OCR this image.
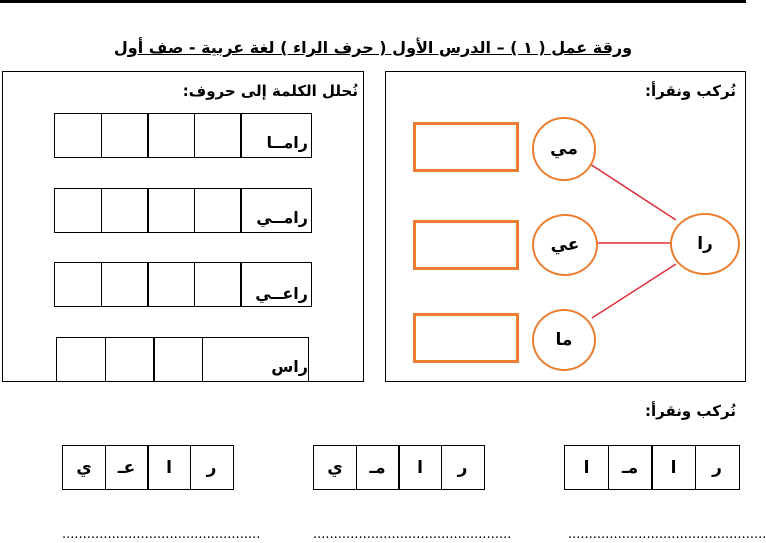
ورقة عمل ( ١ ) – الدرس الأول ( حرف الراء ) لغة عربية - صف أول
نُحلل الكلمة إلى حروف:
رامــا
رامــي
راعــي
راس
نُركب ونقرأ:
مي
عي
ما
را
نُركب ونقرأ:
ا	مـ	ا	ر
ي	مـ	ا	ر
ي	عـ	ا	ر
................................................
................................................
................................................
